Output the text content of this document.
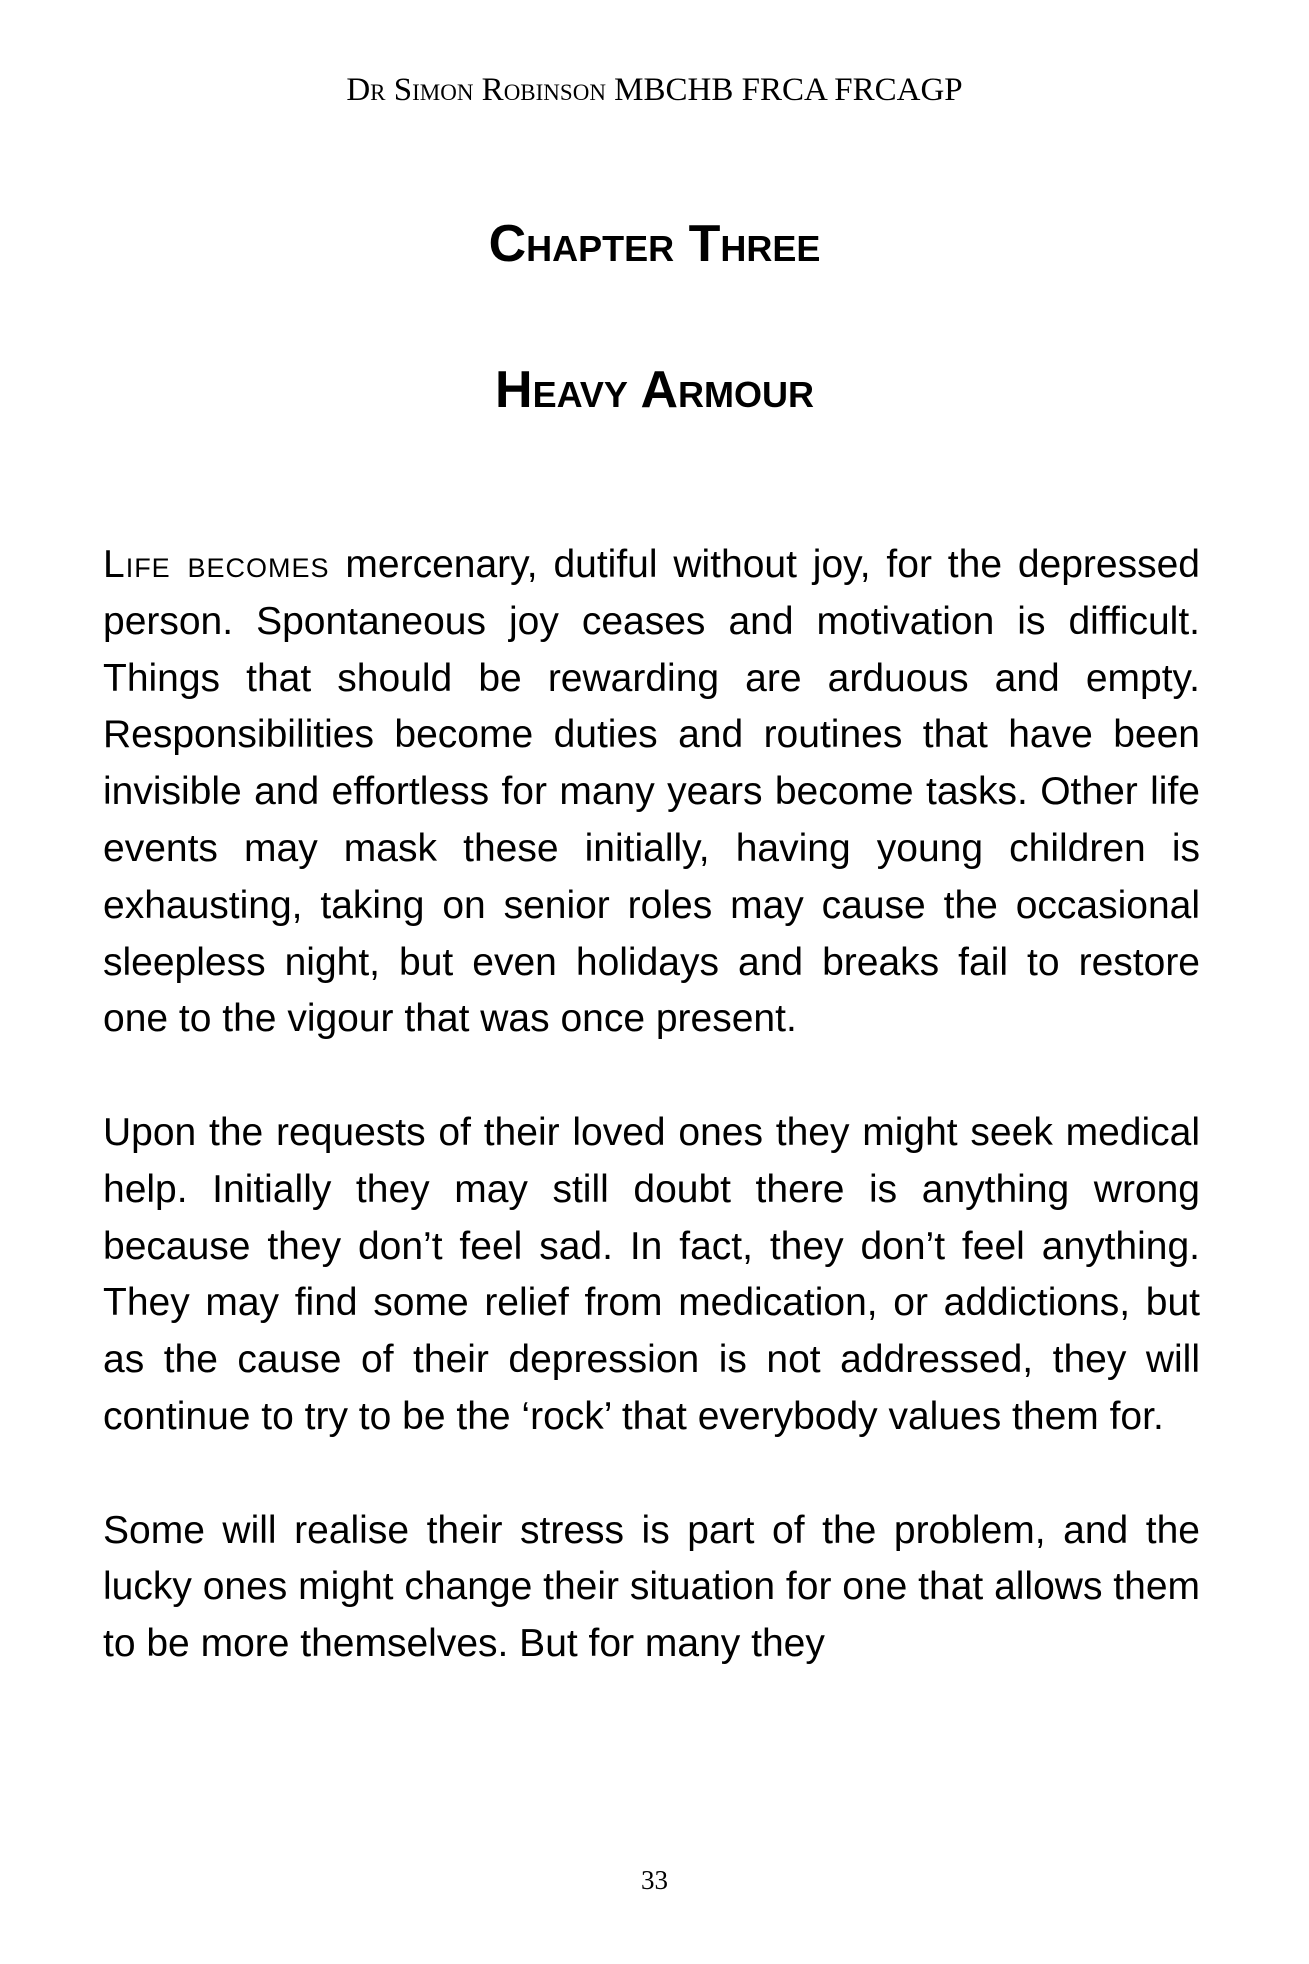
Dr Simon Robinson MBCHB FRCA FRCAGP
Chapter Three
Heavy Armour

Life becomes mercenary, dutiful without joy, for the depressed person. Spontaneous joy ceases and motivation is difficult. Things that should be rewarding are arduous and empty. Responsibilities become duties and routines that have been invisible and effortless for many years become tasks. Other life events may mask these initially, having young children is exhausting, taking on senior roles may cause the occasional sleepless night, but even holidays and breaks fail to restore one to the vigour that was once present.

Upon the requests of their loved ones they might seek medical help. Initially they may still doubt there is anything wrong because they don’t feel sad. In fact, they don’t feel anything. They may find some relief from medication, or addictions, but as the cause of their depression is not addressed, they will continue to try to be the ‘rock’ that everybody values them for.

Some will realise their stress is part of the problem, and the lucky ones might change their situation for one that allows them to be more themselves. But for many they

33
